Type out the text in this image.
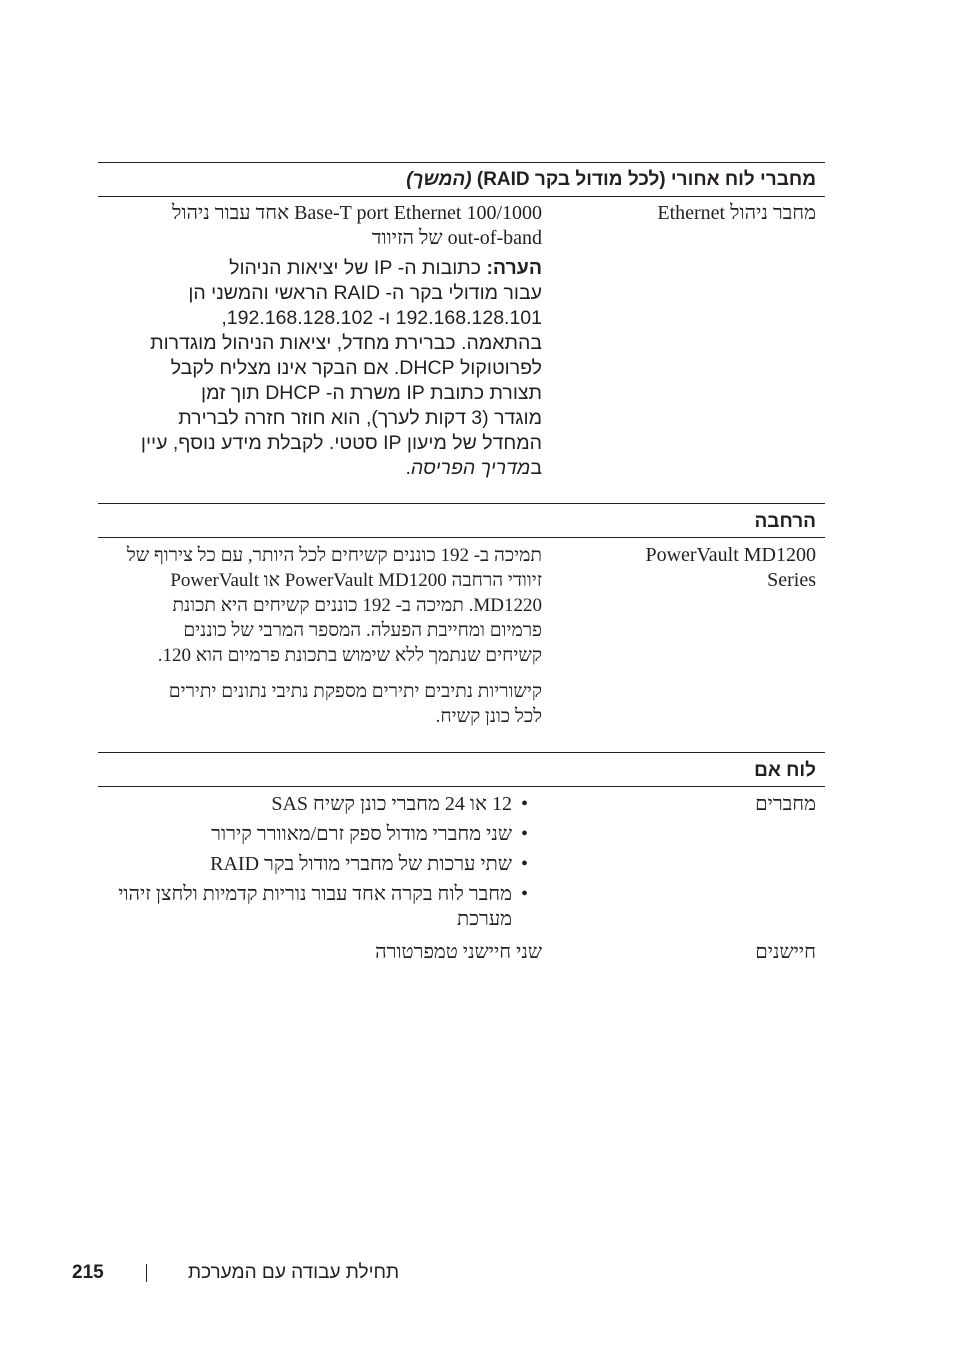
מחברי לוח אחורי (לכל מודול בקר RAID) (המשך)
מחבר ניהול Ethernet
100/1000 Base-T port Ethernet אחד עבור ניהול
out-of-band של הזיווד
הערה: כתובות ה- IP של יציאות הניהול
עבור מודולי בקר ה- RAID הראשי והמשני הן
192.168.128.101 ו- 192.168.128.102,
בהתאמה. כברירת מחדל, יציאות הניהול מוגדרות
לפרוטוקול DHCP. אם הבקר אינו מצליח לקבל
תצורת כתובת IP משרת ה- DHCP תוך זמן
מוגדר (3 דקות לערך), הוא חוזר חזרה לברירת
המחדל של מיעון IP סטטי. לקבלת מידע נוסף, עיין
במדריך הפריסה.
הרחבה
PowerVault MD1200
Series
תמיכה ב- 192 כוננים קשיחים לכל היותר, עם כל צירוף של
זיוודי הרחבה PowerVault MD1200 או PowerVault
MD1220. תמיכה ב- 192 כוננים קשיחים היא תכונת
פרמיום ומחייבת הפעלה. המספר המרבי של כוננים
קשיחים שנתמך ללא שימוש בתכונת פרמיום הוא 120.
קישוריות נתיבים יתירים מספקת נתיבי נתונים יתירים
לכל כונן קשיח.
לוח אם
מחברים
• 12 או 24 מחברי כונן קשיח SAS
• שני מחברי מודול ספק זרם/מאוורר קירור
• שתי ערכות של מחברי מודול בקר RAID
• מחבר לוח בקרה אחד עבור נוריות קדמיות ולחצן זיהוי
מערכת
חיישנים
שני חיישני טמפרטורה
215	תחילת עבודה עם המערכת
